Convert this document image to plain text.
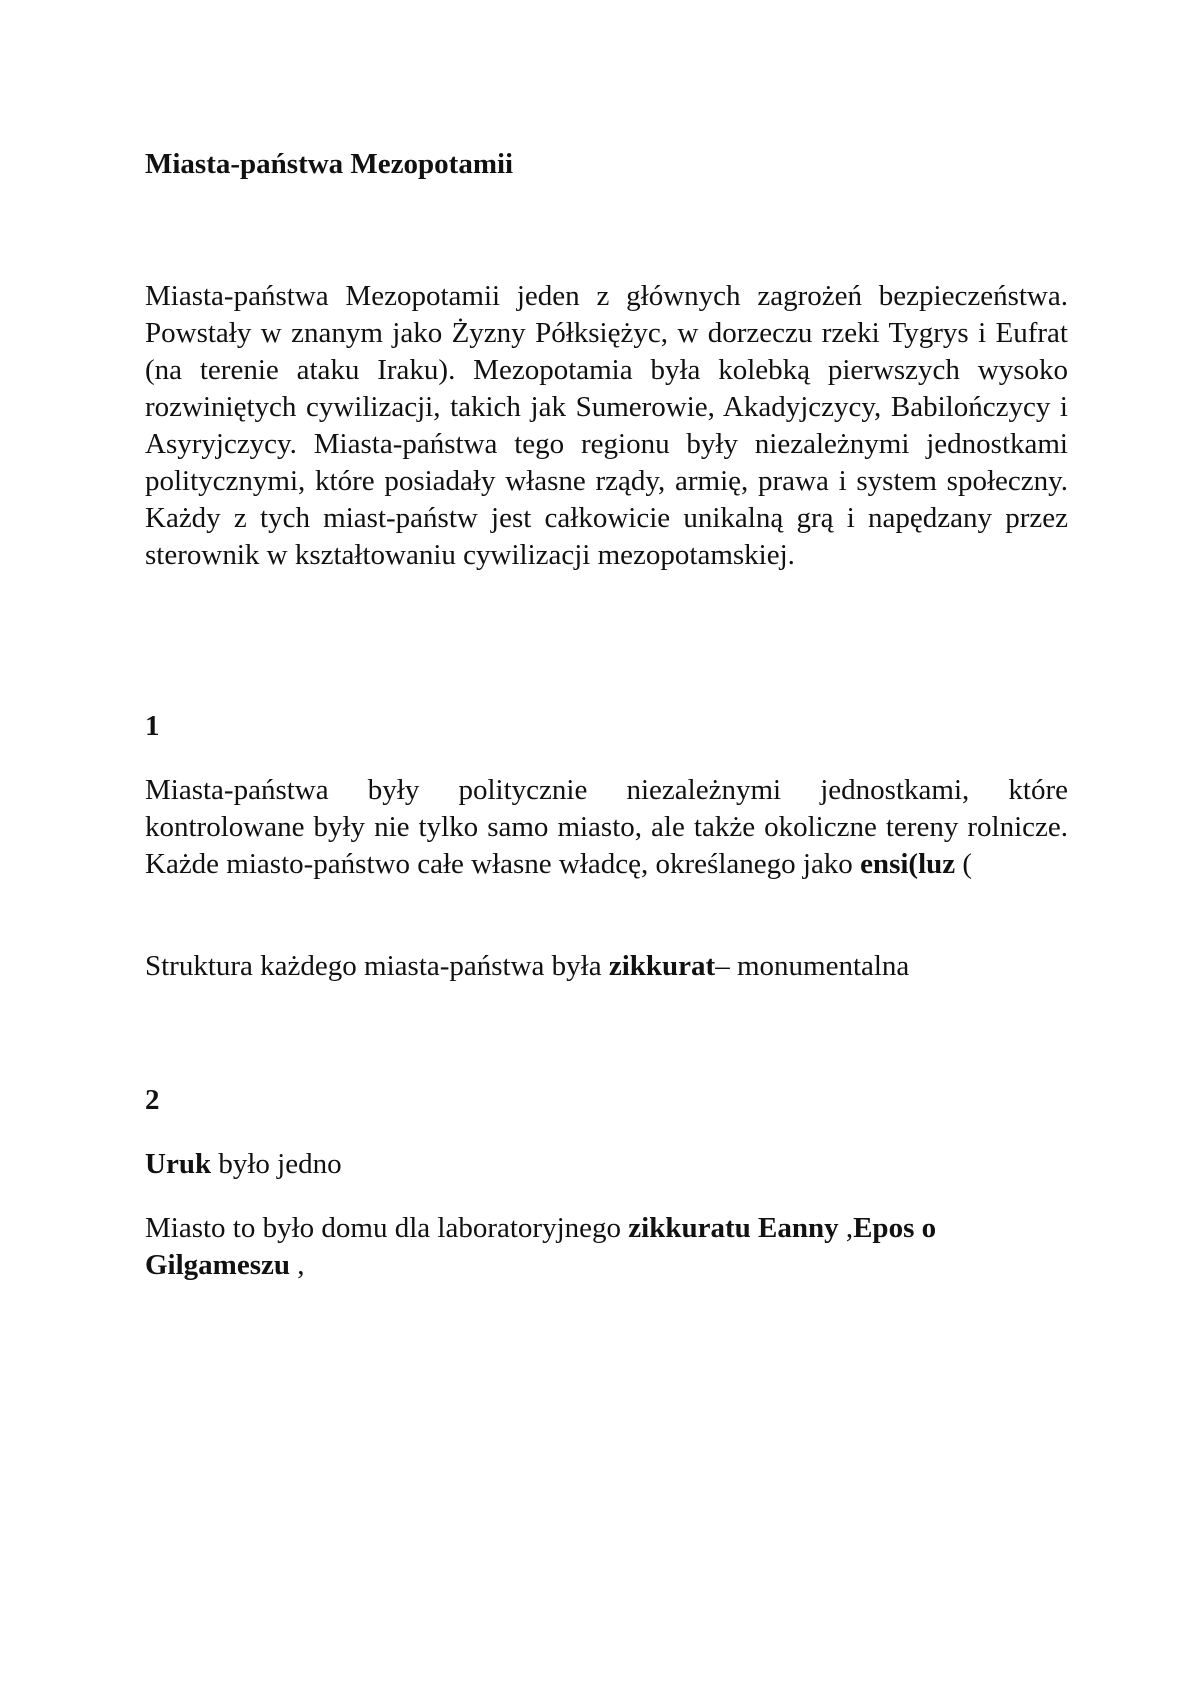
Miasta-państwa Mezopotamii

Miasta-państwa Mezopotamii jeden z głównych zagrożeń bezpieczeństwa. Powstały w znanym jako Żyzny Półksiężyc, w dorzeczu rzeki Tygrys i Eufrat (na terenie ataku Iraku). Mezopotamia była kolebką pierwszych wysoko rozwiniętych cywilizacji, takich jak Sumerowie, Akadyjczycy, Babilończycy i Asyryjczycy. Miasta-państwa tego regionu były niezależnymi jednostkami politycznymi, które posiadały własne rządy, armię, prawa i system społeczny. Każdy z tych miast-państw jest całkowicie unikalną grą i napędzany przez sterownik w kształtowaniu cywilizacji mezopotamskiej.

1

Miasta-państwa były politycznie niezależnymi jednostkami, które kontrolowane były nie tylko samo miasto, ale także okoliczne tereny rolnicze. Każde miasto-państwo całe własne władcę, określanego jako ensi(luz (

Struktura każdego miasta-państwa była zikkurat– monumentalna

2

Uruk było jedno

Miasto to było domu dla laboratoryjnego zikkuratu Eanny ,Epos o Gilgameszu ,
